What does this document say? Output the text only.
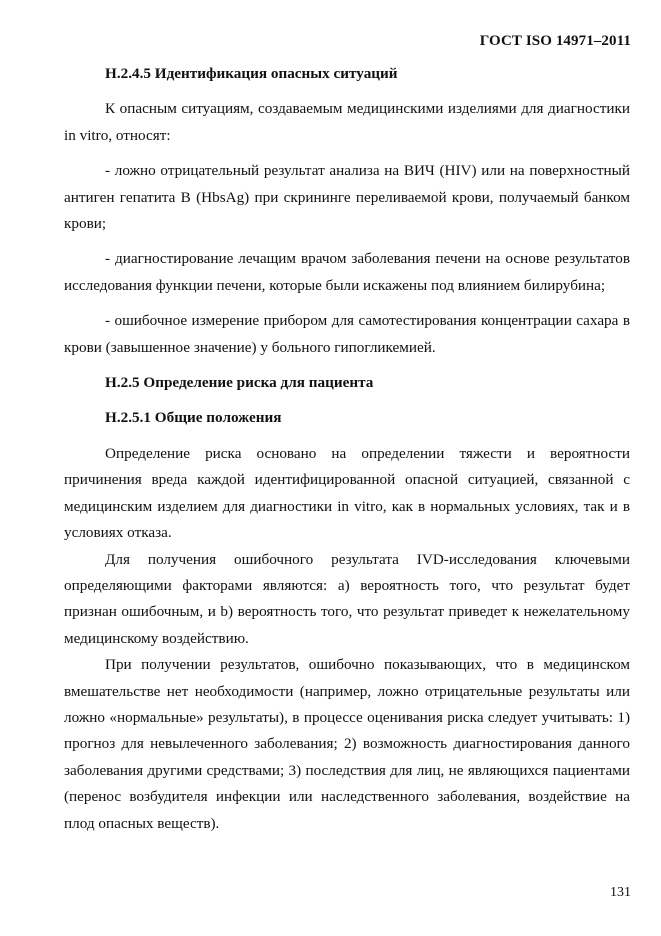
ГОСТ ISO 14971–2011

H.2.4.5 Идентификация опасных ситуаций

К опасным ситуациям, создаваемым медицинскими изделиями для диагностики in vitro, относят:

- ложно отрицательный результат анализа на ВИЧ (HIV) или на поверхностный антиген гепатита В (HbsAg) при скрининге переливаемой крови, получаемый банком крови;

- диагностирование лечащим врачом заболевания печени на основе результатов исследования функции печени, которые были искажены под влиянием билирубина;

- ошибочное измерение прибором для самотестирования концентрации сахара в крови (завышенное значение) у больного гипогликемией.

H.2.5 Определение риска для пациента

H.2.5.1 Общие положения

Определение риска основано на определении тяжести и вероятности причинения вреда каждой идентифицированной опасной ситуацией, связанной с медицинским изделием для диагностики in vitro, как в нормальных условиях, так и в условиях отказа.

Для получения ошибочного результата IVD-исследования ключевыми определяющими факторами являются: a) вероятность того, что результат будет признан ошибочным, и b) вероятность того, что результат приведет к нежелательному медицинскому воздействию.

При получении результатов, ошибочно показывающих, что в медицинском вмешательстве нет необходимости (например, ложно отрицательные результаты или ложно «нормальные» результаты), в процессе оценивания риска следует учитывать: 1) прогноз для невылеченного заболевания; 2) возможность диагностирования данного заболевания другими средствами; 3) последствия для лиц, не являющихся пациентами (перенос возбудителя инфекции или наследственного заболевания, воздействие на плод опасных веществ).

131
